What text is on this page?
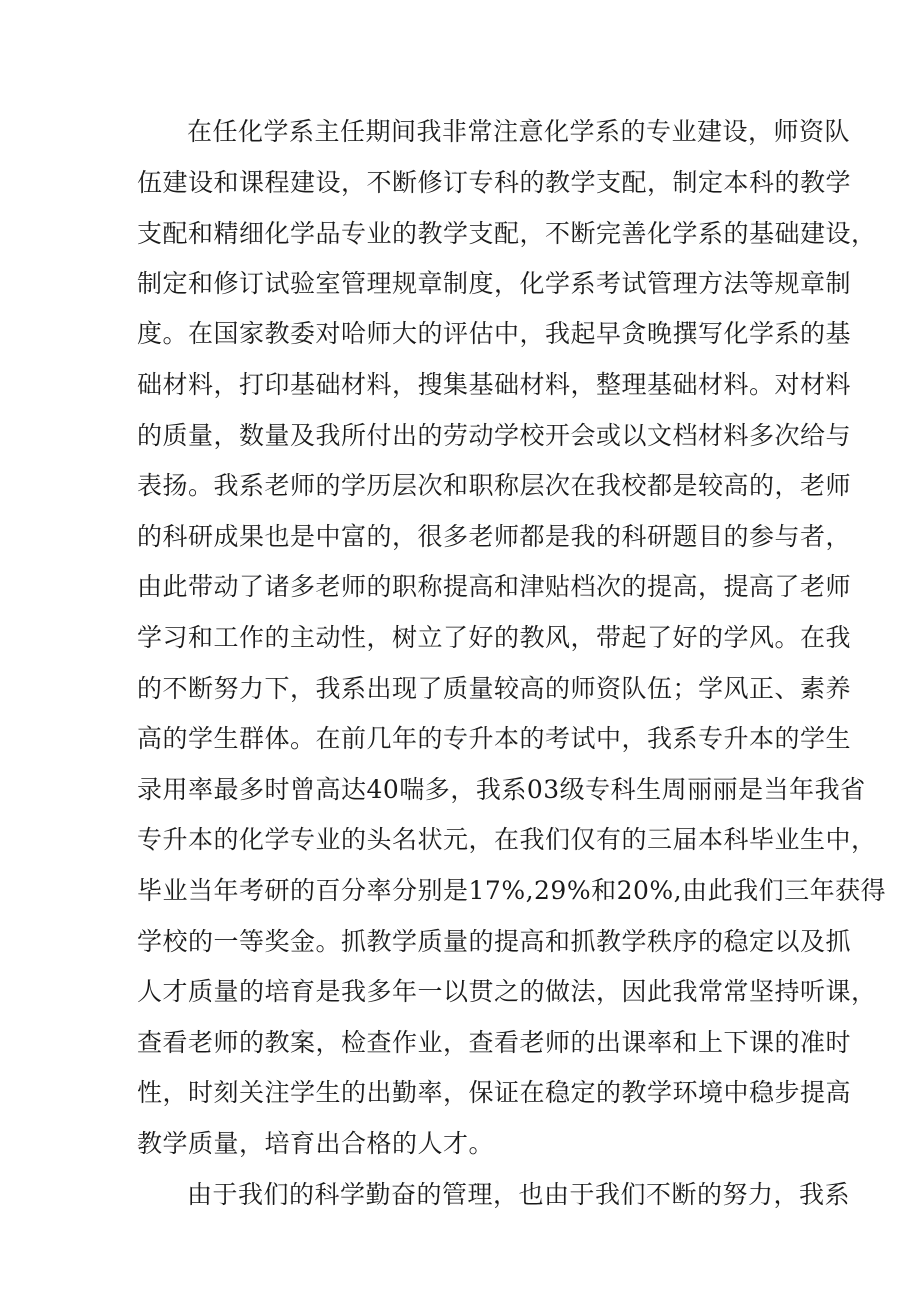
在任化学系主任期间我非常注意化学系的专业建设，师资队
伍建设和课程建设，不断修订专科的教学支配，制定本科的教学
支配和精细化学品专业的教学支配，不断完善化学系的基础建设，
制定和修订试验室管理规章制度，化学系考试管理方法等规章制
度。在国家教委对哈师大的评估中，我起早贪晚撰写化学系的基
础材料，打印基础材料，搜集基础材料，整理基础材料。对材料
的质量，数量及我所付出的劳动学校开会或以文档材料多次给与
表扬。我系老师的学历层次和职称层次在我校都是较高的，老师
的科研成果也是中富的，很多老师都是我的科研题目的参与者，
由此带动了诸多老师的职称提高和津贴档次的提高，提高了老师
学习和工作的主动性，树立了好的教风，带起了好的学风。在我
的不断努力下，我系出现了质量较高的师资队伍；学风正、素养
高的学生群体。在前几年的专升本的考试中，我系专升本的学生
录用率最多时曾高达40喘多，我系03级专科生周丽丽是当年我省
专升本的化学专业的头名状元，在我们仅有的三届本科毕业生中，
毕业当年考研的百分率分别是17%,29%和20%,由此我们三年获得
学校的一等奖金。抓教学质量的提高和抓教学秩序的稳定以及抓
人才质量的培育是我多年一以贯之的做法，因此我常常坚持听课，
查看老师的教案，检查作业，查看老师的出课率和上下课的准时
性，时刻关注学生的出勤率，保证在稳定的教学环境中稳步提高
教学质量，培育出合格的人才。
由于我们的科学勤奋的管理，也由于我们不断的努力，我系
